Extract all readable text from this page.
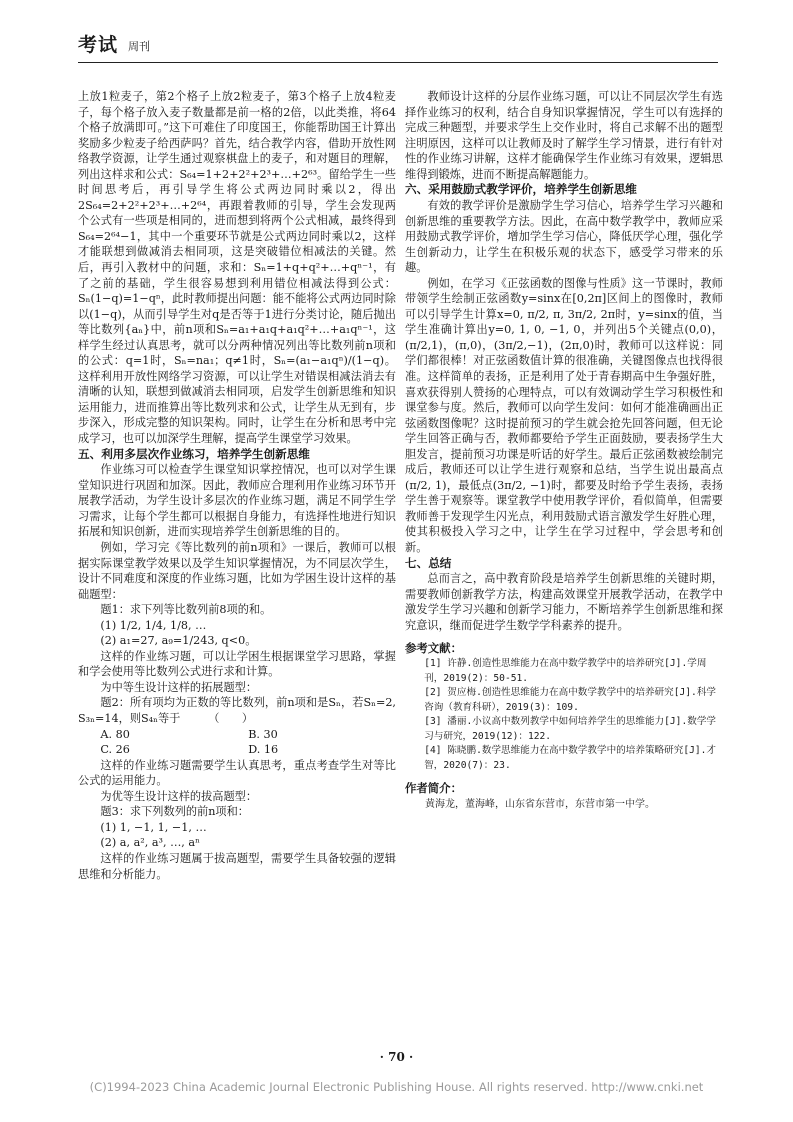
考试 周刊

上放1粒麦子，第2个格子上放2粒麦子，第3个格子上放4粒麦子，每个格子放入麦子数量都是前一格的2倍，以此类推，将64个格子放满即可。”这下可难住了印度国王，你能帮助国王计算出奖励多少粒麦子给西萨吗？首先，结合教学内容，借助开放性网络教学资源，让学生通过观察棋盘上的麦子，和对题目的理解，列出这样求和公式：S₆₄=1+2+2²+2³+…+2⁶³。留给学生一些时间思考后，再引导学生将公式两边同时乘以2，得出2S₆₄=2+2²+2³+…+2⁶⁴，再跟着教师的引导，学生会发现两个公式有一些项是相同的，进而想到将两个公式相减，最终得到S₆₄=2⁶⁴−1，其中一个重要环节就是公式两边同时乘以2，这样才能联想到做减消去相同项，这是突破错位相减法的关键。然后，再引入教材中的问题，求和：Sₙ=1+q+q²+…+qⁿ⁻¹，有了之前的基础，学生很容易想到利用错位相减法得到公式：Sₙ(1−q)=1−qⁿ，此时教师提出问题：能不能将公式两边同时除以(1−q)，从而引导学生对q是否等于1进行分类讨论，随后抛出等比数列{aₙ}中，前n项和Sₙ=a₁+a₁q+a₁q²+…+a₁qⁿ⁻¹，这样学生经过认真思考，就可以分两种情况列出等比数列前n项和的公式：q=1时，Sₙ=na₁；q≠1时，Sₙ=(a₁−a₁qⁿ)/(1−q)。这样利用开放性网络学习资源，可以让学生对错误相减法消去有清晰的认知，联想到做减消去相同项，启发学生创新思维和知识运用能力，进而推算出等比数列求和公式，让学生从无到有，步步深入，形成完整的知识架构。同时，让学生在分析和思考中完成学习，也可以加深学生理解，提高学生课堂学习效果。

五、利用多层次作业练习，培养学生创新思维

作业练习可以检查学生课堂知识掌控情况，也可以对学生课堂知识进行巩固和加深。因此，教师应合理利用作业练习环节开展教学活动，为学生设计多层次的作业练习题，满足不同学生学习需求，让每个学生都可以根据自身能力，有选择性地进行知识拓展和知识创新，进而实现培养学生创新思维的目的。

例如，学习完《等比数列的前n项和》一课后，教师可以根据实际课堂教学效果以及学生知识掌握情况，为不同层次学生，设计不同难度和深度的作业练习题，比如为学困生设计这样的基础题型：

题1：求下列等比数列前8项的和。
(1) 1/2, 1/4, 1/8, …
(2) a₁=27, a₉=1/243, q<0。

这样的作业练习题，可以让学困生根据课堂学习思路，掌握和学会使用等比数列公式进行求和计算。

为中等生设计这样的拓展题型：

题2：所有项均为正数的等比数列，前n项和是Sₙ，若Sₙ=2, S₃ₙ=14，则S₄ₙ等于　　　（　　）

A. 80	B. 30
C. 26	D. 16

这样的作业练习题需要学生认真思考，重点考查学生对等比公式的运用能力。

为优等生设计这样的拔高题型：

题3：求下列数列的前n项和：
(1) 1, −1, 1, −1, …
(2) a, a², a³, …, aⁿ

这样的作业练习题属于拔高题型，需要学生具备较强的逻辑思维和分析能力。

教师设计这样的分层作业练习题，可以让不同层次学生有选择作业练习的权利，结合自身知识掌握情况，学生可以有选择的完成三种题型，并要求学生上交作业时，将自己求解不出的题型注明原因，这样可以让教师及时了解学生学习情景，进行有针对性的作业练习讲解，这样才能确保学生作业练习有效果，逻辑思维得到锻炼，进而不断提高解题能力。

六、采用鼓励式教学评价，培养学生创新思维

有效的教学评价是激励学生学习信心，培养学生学习兴趣和创新思维的重要教学方法。因此，在高中数学教学中，教师应采用鼓励式教学评价，增加学生学习信心，降低厌学心理，强化学生创新动力，让学生在积极乐观的状态下，感受学习带来的乐趣。

例如，在学习《正弦函数的图像与性质》这一节课时，教师带领学生绘制正弦函数y=sinx在[0,2π]区间上的图像时，教师可以引导学生计算x=0, π/2, π, 3π/2, 2π时，y=sinx的值，当学生准确计算出y=0, 1, 0, −1, 0，并列出5个关键点(0,0)，(π/2,1)，(π,0)，(3π/2,−1)，(2π,0)时，教师可以这样说：同学们都很棒！对正弦函数值计算的很准确，关键图像点也找得很准。这样简单的表扬，正是利用了处于青春期高中生争强好胜，喜欢获得别人赞扬的心理特点，可以有效调动学生学习积极性和课堂参与度。然后，教师可以向学生发问：如何才能准确画出正弦函数图像呢？这时提前预习的学生就会抢先回答问题，但无论学生回答正确与否，教师都要给予学生正面鼓励，要表扬学生大胆发言，提前预习功课是听话的好学生。最后正弦函数被绘制完成后，教师还可以让学生进行观察和总结，当学生说出最高点(π/2, 1)，最低点(3π/2, −1)时，都要及时给予学生表扬，表扬学生善于观察等。课堂教学中使用教学评价，看似简单，但需要教师善于发现学生闪光点，利用鼓励式语言激发学生好胜心理，使其积极投入学习之中，让学生在学习过程中，学会思考和创新。

七、总结

总而言之，高中教育阶段是培养学生创新思维的关键时期，需要教师创新教学方法，构建高效课堂开展教学活动，在教学中激发学生学习兴趣和创新学习能力，不断培养学生创新思维和探究意识，继而促进学生数学学科素养的提升。

参考文献：
[1] 许静.创造性思维能力在高中数学教学中的培养研究[J].学周刊，2019(2)：50-51.
[2] 贺应梅.创造性思维能力在高中数学教学中的培养研究[J].科学咨询（教育科研），2019(3)：109.
[3] 潘丽.小议高中数列教学中如何培养学生的思维能力[J].数学学习与研究，2019(12)：122.
[4] 陈晓鹏.数学思维能力在高中数学教学中的培养策略研究[J].才智，2020(7)：23.
作者简介：
黄海龙，董海峰，山东省东营市，东营市第一中学。
· 70 ·
(C)1994-2023 China Academic Journal Electronic Publishing House. All rights reserved. http://www.cnki.net
